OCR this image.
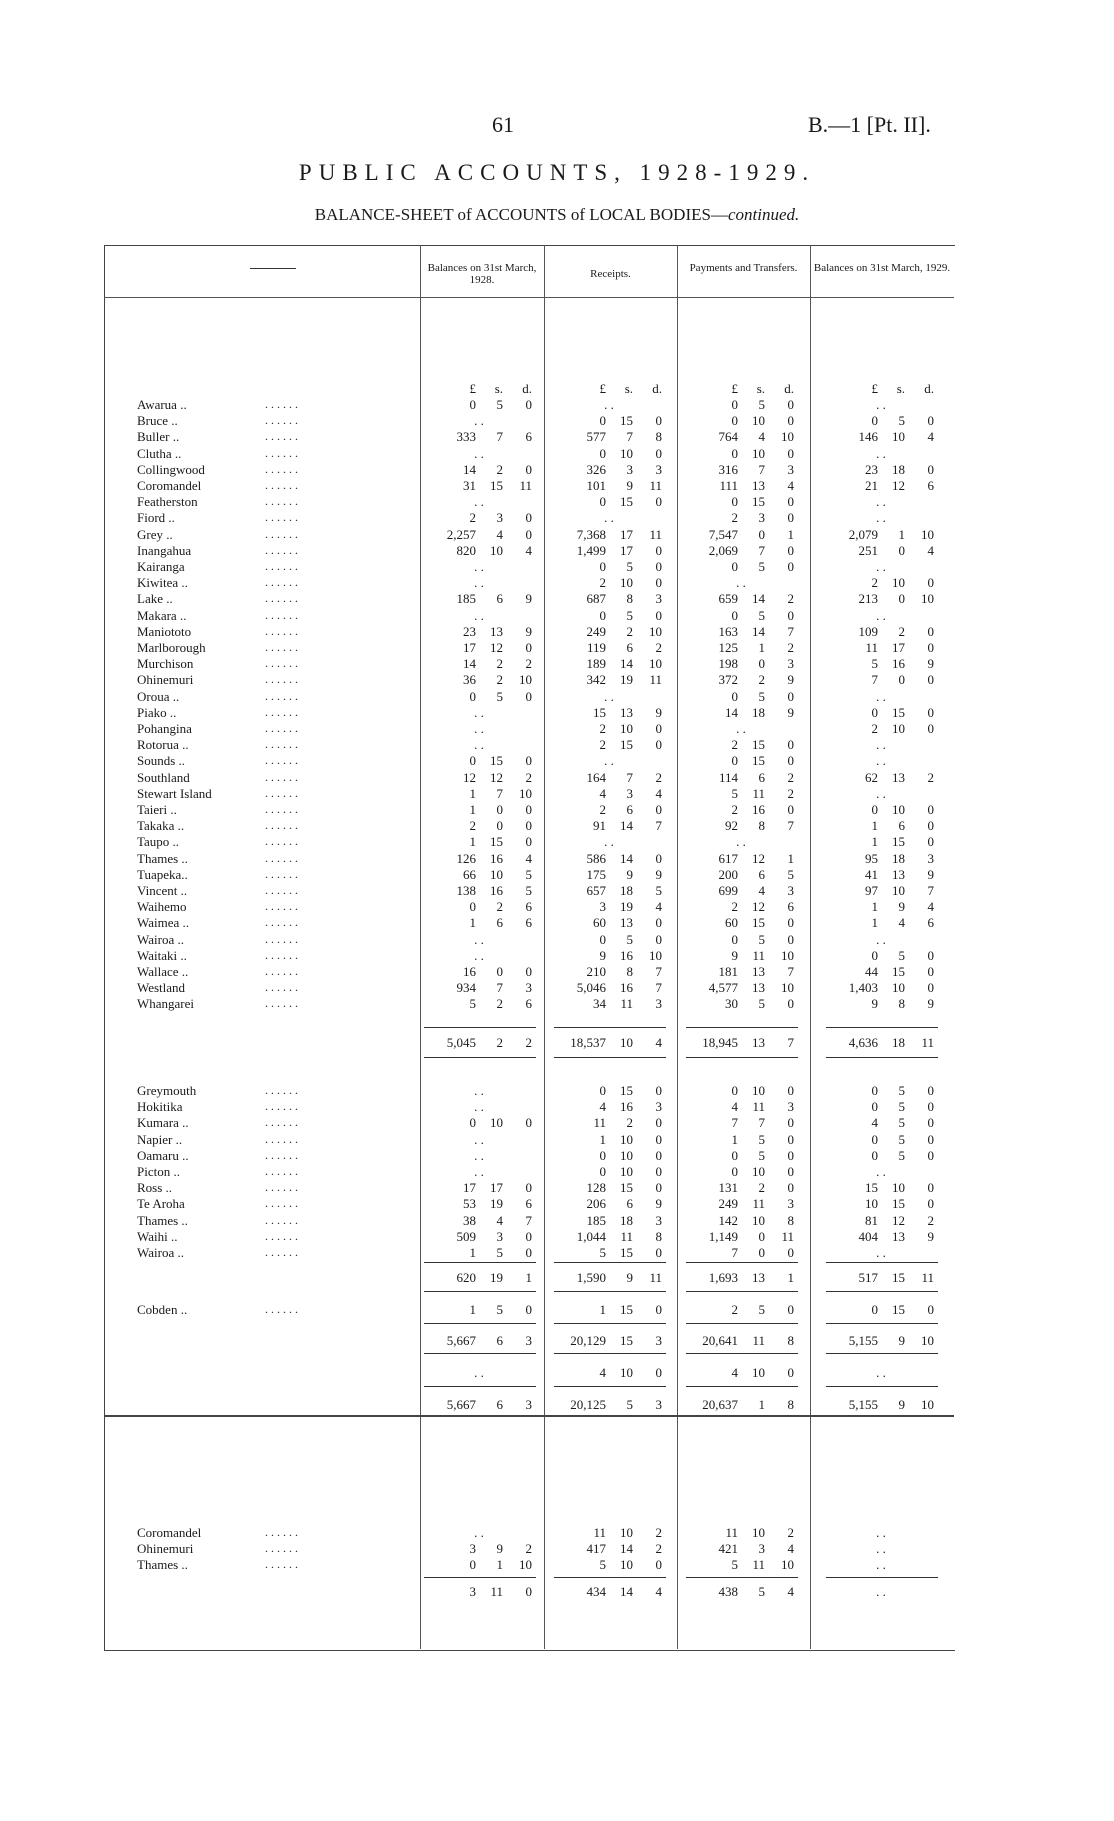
61	B.—1 [Pt. II].
PUBLIC ACCOUNTS, 1928-1929.
BALANCE-SHEET of ACCOUNTS of LOCAL BODIES—continued.
Balances on 31st March, 1928.	Receipts.	Payments and Transfers.	Balances on 31st March, 1929.
£	s.	d.	£	s.	d.	£	s.	d.	£	s.	d.
Awarua ..	. . . . . .	0	5	0	. .	0	5	0	. .
Bruce ..	. . . . . .	. .	0	15	0	0	10	0	0	5	0
Buller ..	. . . . . .	333	7	6	577	7	8	764	4	10	146	10	4
Clutha ..	. . . . . .	. .	0	10	0	0	10	0	. .
Collingwood	. . . . . .	14	2	0	326	3	3	316	7	3	23	18	0
Coromandel	. . . . . .	31	15	11	101	9	11	111	13	4	21	12	6
Featherston	. . . . . .	. .	0	15	0	0	15	0	. .
Fiord ..	. . . . . .	2	3	0	. .	2	3	0	. .
Grey ..	. . . . . .	2,257	4	0	7,368	17	11	7,547	0	1	2,079	1	10
Inangahua	. . . . . .	820	10	4	1,499	17	0	2,069	7	0	251	0	4
Kairanga	. . . . . .	. .	0	5	0	0	5	0	. .
Kiwitea ..	. . . . . .	. .	2	10	0	. .	2	10	0
Lake ..	. . . . . .	185	6	9	687	8	3	659	14	2	213	0	10
Makara ..	. . . . . .	. .	0	5	0	0	5	0	. .
Maniototo	. . . . . .	23	13	9	249	2	10	163	14	7	109	2	0
Marlborough	. . . . . .	17	12	0	119	6	2	125	1	2	11	17	0
Murchison	. . . . . .	14	2	2	189	14	10	198	0	3	5	16	9
Ohinemuri	. . . . . .	36	2	10	342	19	11	372	2	9	7	0	0
Oroua ..	. . . . . .	0	5	0	. .	0	5	0	. .
Piako ..	. . . . . .	. .	15	13	9	14	18	9	0	15	0
Pohangina	. . . . . .	. .	2	10	0	. .	2	10	0
Rotorua ..	. . . . . .	. .	2	15	0	2	15	0	. .
Sounds ..	. . . . . .	0	15	0	. .	0	15	0	. .
Southland	. . . . . .	12	12	2	164	7	2	114	6	2	62	13	2
Stewart Island	. . . . . .	1	7	10	4	3	4	5	11	2	. .
Taieri ..	. . . . . .	1	0	0	2	6	0	2	16	0	0	10	0
Takaka ..	. . . . . .	2	0	0	91	14	7	92	8	7	1	6	0
Taupo ..	. . . . . .	1	15	0	. .	. .	1	15	0
Thames ..	. . . . . .	126	16	4	586	14	0	617	12	1	95	18	3
Tuapeka..	. . . . . .	66	10	5	175	9	9	200	6	5	41	13	9
Vincent ..	. . . . . .	138	16	5	657	18	5	699	4	3	97	10	7
Waihemo	. . . . . .	0	2	6	3	19	4	2	12	6	1	9	4
Waimea ..	. . . . . .	1	6	6	60	13	0	60	15	0	1	4	6
Wairoa ..	. . . . . .	. .	0	5	0	0	5	0	. .
Waitaki ..	. . . . . .	. .	9	16	10	9	11	10	0	5	0
Wallace ..	. . . . . .	16	0	0	210	8	7	181	13	7	44	15	0
Westland	. . . . . .	934	7	3	5,046	16	7	4,577	13	10	1,403	10	0
Whangarei	. . . . . .	5	2	6	34	11	3	30	5	0	9	8	9
5,045	2	2	18,537	10	4	18,945	13	7	4,636	18	11
Greymouth	. . . . . .	. .	0	15	0	0	10	0	0	5	0
Hokitika	. . . . . .	. .	4	16	3	4	11	3	0	5	0
Kumara ..	. . . . . .	0	10	0	11	2	0	7	7	0	4	5	0
Napier ..	. . . . . .	. .	1	10	0	1	5	0	0	5	0
Oamaru ..	. . . . . .	. .	0	10	0	0	5	0	0	5	0
Picton ..	. . . . . .	. .	0	10	0	0	10	0	. .
Ross ..	. . . . . .	17	17	0	128	15	0	131	2	0	15	10	0
Te Aroha	. . . . . .	53	19	6	206	6	9	249	11	3	10	15	0
Thames ..	. . . . . .	38	4	7	185	18	3	142	10	8	81	12	2
Waihi ..	. . . . . .	509	3	0	1,044	11	8	1,149	0	11	404	13	9
Wairoa ..	. . . . . .	1	5	0	5	15	0	7	0	0	. .
620	19	1	1,590	9	11	1,693	13	1	517	15	11
Cobden ..	. . . . . .	1	5	0	1	15	0	2	5	0	0	15	0
5,667	6	3	20,129	15	3	20,641	11	8	5,155	9	10
. .	4	10	0	4	10	0	. .
5,667	6	3	20,125	5	3	20,637	1	8	5,155	9	10
Coromandel	. . . . . .	. .	11	10	2	11	10	2	. .
Ohinemuri	. . . . . .	3	9	2	417	14	2	421	3	4	. .
Thames ..	. . . . . .	0	1	10	5	10	0	5	11	10	. .
3	11	0	434	14	4	438	5	4	. .
